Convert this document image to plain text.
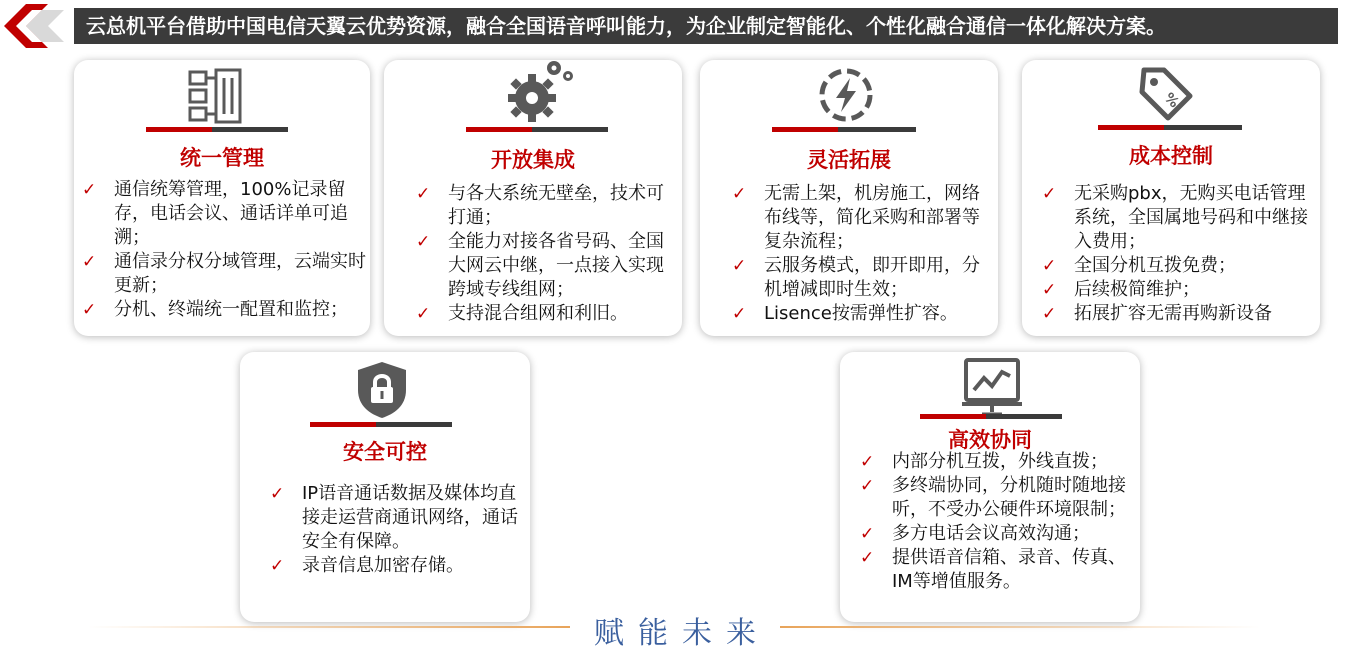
云总机平台借助中国电信天翼云优势资源，融合全国语音呼叫能力，为企业制定智能化、个性化融合通信一体化解决方案。
统一管理
✓ 通信统筹管理，100%记录留存，电话会议、通话详单可追溯；
✓ 通信录分权分域管理，云端实时更新；
✓ 分机、终端统一配置和监控；
开放集成
✓ 与各大系统无壁垒，技术可打通；
✓ 全能力对接各省号码、全国大网云中继，一点接入实现跨域专线组网；
✓ 支持混合组网和利旧。
灵活拓展
✓ 无需上架，机房施工，网络布线等，简化采购和部署等复杂流程；
✓ 云服务模式，即开即用，分机增减即时生效；
✓ Lisence按需弹性扩容。
%
成本控制
✓ 无采购pbx，无购买电话管理系统，全国属地号码和中继接入费用；
✓ 全国分机互拨免费；
✓ 后续极简维护；
✓ 拓展扩容无需再购新设备
安全可控
✓ IP语音通话数据及媒体均直接走运营商通讯网络，通话安全有保障。
✓ 录音信息加密存储。
高效协同
✓ 内部分机互拨，外线直拨；
✓ 多终端协同，分机随时随地接听，不受办公硬件环境限制；
✓ 多方电话会议高效沟通；
✓ 提供语音信箱、录音、传真、IM等增值服务。
赋能未来
